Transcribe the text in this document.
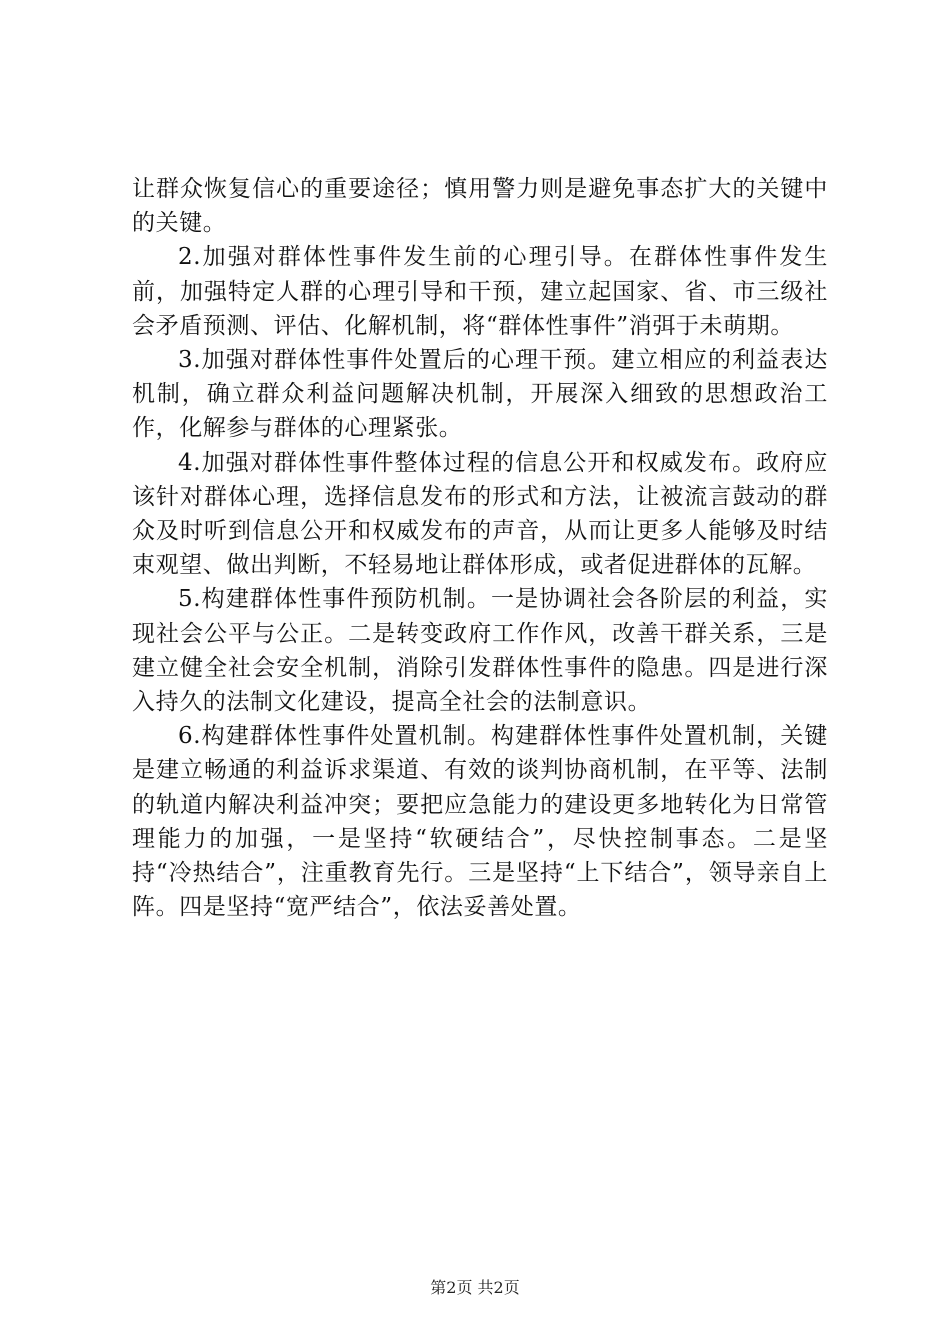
让群众恢复信心的重要途径；慎用警力则是避免事态扩大的关键中的关键。

2.加强对群体性事件发生前的心理引导。在群体性事件发生前，加强特定人群的心理引导和干预，建立起国家、省、市三级社会矛盾预测、评估、化解机制，将“群体性事件”消弭于未萌期。

3.加强对群体性事件处置后的心理干预。建立相应的利益表达机制，确立群众利益问题解决机制，开展深入细致的思想政治工作，化解参与群体的心理紧张。

4.加强对群体性事件整体过程的信息公开和权威发布。政府应该针对群体心理，选择信息发布的形式和方法，让被流言鼓动的群众及时听到信息公开和权威发布的声音，从而让更多人能够及时结束观望、做出判断，不轻易地让群体形成，或者促进群体的瓦解。

5.构建群体性事件预防机制。一是协调社会各阶层的利益，实现社会公平与公正。二是转变政府工作作风，改善干群关系，三是建立健全社会安全机制，消除引发群体性事件的隐患。四是进行深入持久的法制文化建设，提高全社会的法制意识。

6.构建群体性事件处置机制。构建群体性事件处置机制，关键是建立畅通的利益诉求渠道、有效的谈判协商机制，在平等、法制的轨道内解决利益冲突；要把应急能力的建设更多地转化为日常管理能力的加强，一是坚持“软硬结合”，尽快控制事态。二是坚持“冷热结合”，注重教育先行。三是坚持“上下结合”，领导亲自上阵。四是坚持“宽严结合”，依法妥善处置。

第2页 共2页
